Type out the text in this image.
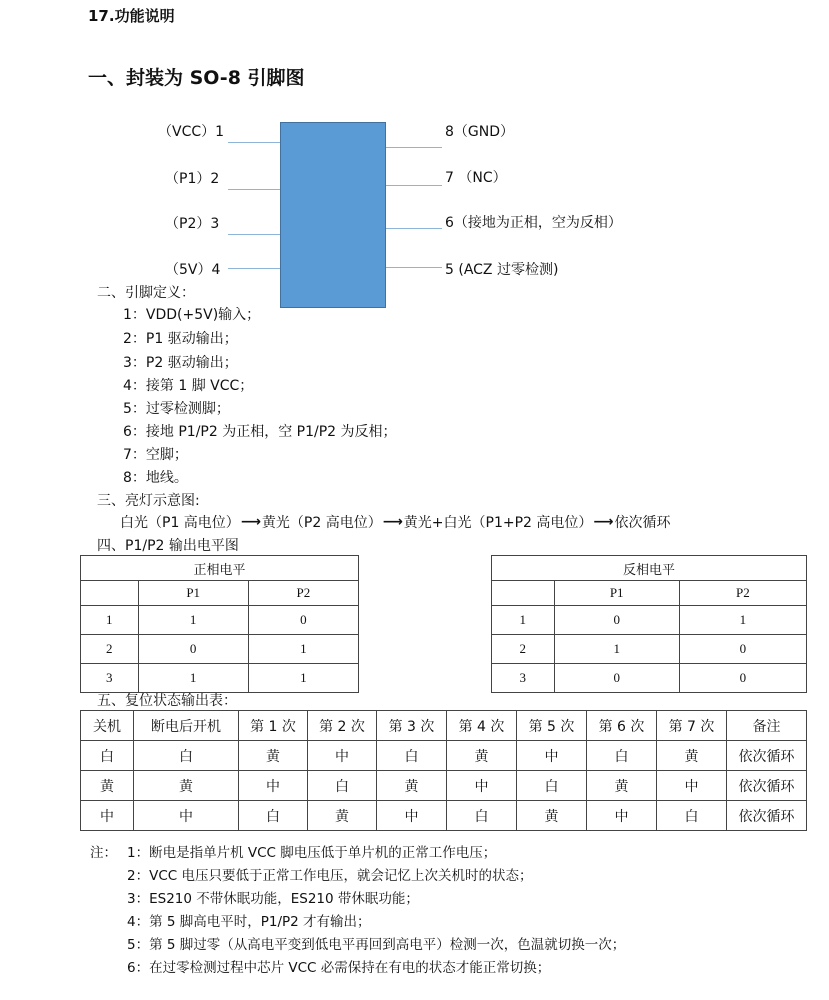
17.功能说明
一、封装为 SO-8 引脚图
（VCC）1
（P1）2
（P2）3
（5V）4
8（GND）
7 （NC）
6（接地为正相，空为反相）
5 (ACZ 过零检测)
二、引脚定义：
1：VDD(+5V)输入；
2：P1 驱动输出；
3：P2 驱动输出；
4：接第 1 脚 VCC；
5：过零检测脚；
6：接地 P1/P2 为正相，空 P1/P2 为反相；
7：空脚；
8：地线。
三、亮灯示意图:
白光（P1 高电位） ⟶ 黄光（P2 高电位） ⟶ 黄光+白光（P1+P2 高电位） ⟶ 依次循环
四、P1/P2 输出电平图
正相电平		
	P1	P2
1	1	0
2	0	1
3	1	1
反相电平		
	P1	P2
1	0	1
2	1	0
3	0	0
五、复位状态输出表：
关机	断电后开机	第 1 次	第 2 次	第 3 次	第 4 次	第 5 次	第 6 次	第 7 次	备注
白	白	黄	中	白	黄	中	白	黄	依次循环
黄	黄	中	白	黄	中	白	黄	中	依次循环
中	中	白	黄	中	白	黄	中	白	依次循环
注： 1：断电是指单片机 VCC 脚电压低于单片机的正常工作电压；
2：VCC 电压只要低于正常工作电压，就会记忆上次关机时的状态；
3：ES210 不带休眠功能，ES210 带休眠功能；
4：第 5 脚高电平时，P1/P2 才有输出；
5：第 5 脚过零（从高电平变到低电平再回到高电平）检测一次，色温就切换一次；
6：在过零检测过程中芯片 VCC 必需保持在有电的状态才能正常切换；
